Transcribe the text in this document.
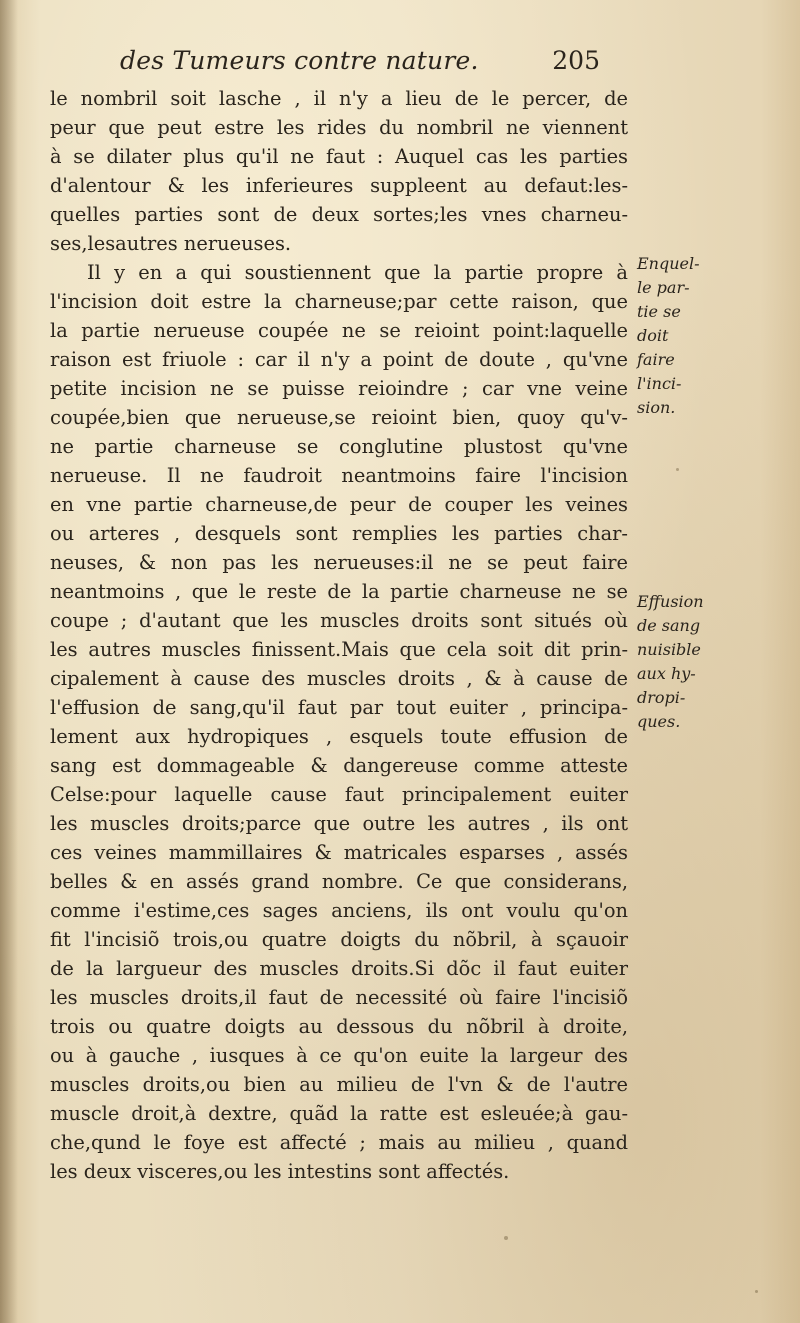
des Tumeurs contre nature.	205
le nombril soit lasche , il n'y a lieu de le percer, de
peur que peut estre les rides du nombril ne viennent
à se dilater plus qu'il ne faut : Auquel cas les parties
d'alentour & les inferieures suppleent au defaut:les-
quelles parties sont de deux sortes;les vnes charneu-
ses,lesautres nerueuses.
Il y en a qui soustiennent que la partie propre à
l'incision doit estre la charneuse;par cette raison, que
la partie nerueuse coupée ne se reioint point:laquelle
raison est friuole : car il n'y a point de doute , qu'vne
petite incision ne se puisse reioindre ; car vne veine
coupée,bien que nerueuse,se reioint bien, quoy qu'v-
ne partie charneuse se conglutine plustost qu'vne
nerueuse. Il ne faudroit neantmoins faire l'incision
en vne partie charneuse,de peur de couper les veines
ou arteres , desquels sont remplies les parties char-
neuses, & non pas les nerueuses:il ne se peut faire
neantmoins , que le reste de la partie charneuse ne se
coupe ; d'autant que les muscles droits sont situés où
les autres muscles finissent.Mais que cela soit dit prin-
cipalement à cause des muscles droits , & à cause de
l'effusion de sang,qu'il faut par tout euiter , principa-
lement aux hydropiques , esquels toute effusion de
sang est dommageable & dangereuse comme atteste
Celse:pour laquelle cause faut principalement euiter
les muscles droits;parce que outre les autres , ils ont
ces veines mammillaires & matricales esparses , assés
belles & en assés grand nombre. Ce que considerans,
comme i'estime,ces sages anciens, ils ont voulu qu'on
fit l'incisiõ trois,ou quatre doigts du nõbril, à sçauoir
de la largueur des muscles droits.Si dõc il faut euiter
les muscles droits,il faut de necessité où faire l'incisiõ
trois ou quatre doigts au dessous du nõbril à droite,
ou à gauche , iusques à ce qu'on euite la largeur des
muscles droits,ou bien au milieu de l'vn & de l'autre
muscle droit,à dextre, quãd la ratte est esleuée;à gau-
che,qund le foye est affecté ; mais au milieu , quand
les deux visceres,ou les intestins sont affectés.
Enquel-
le par-
tie se
doit
faire
l'inci-
sion.
Effusion
de sang
nuisible
aux hy-
dropi-
ques.
